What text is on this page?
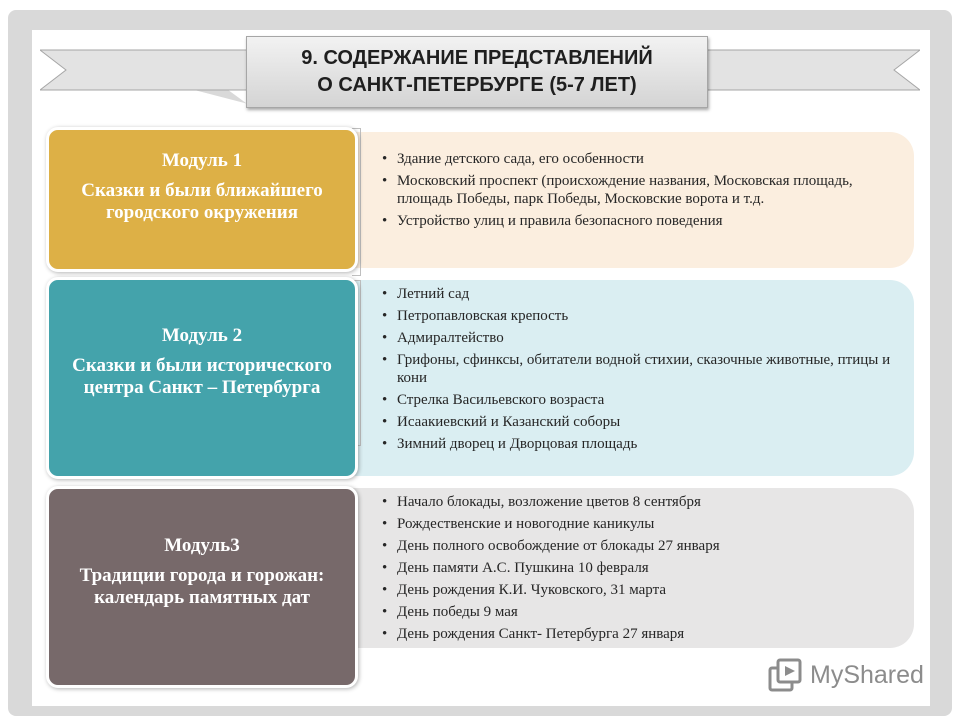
9. СОДЕРЖАНИЕ ПРЕДСТАВЛЕНИЙ
О САНКТ-ПЕТЕРБУРГЕ (5-7 ЛЕТ)
Модуль 1
Сказки и были ближайшего городского окружения
Модуль 2
Сказки и были исторического центра Санкт – Петербурга
Модуль3
Традиции города и горожан: календарь памятных дат
• Здание детского сада, его особенности
• Московский проспект (происхождение названия, Московская площадь, площадь Победы, парк Победы, Московские ворота и т.д.
• Устройство улиц и правила безопасного поведения
• Летний сад
• Петропавловская крепость
• Адмиралтейство
• Грифоны, сфинксы, обитатели водной стихии, сказочные животные, птицы и кони
• Стрелка Васильевского возраста
• Исаакиевский и Казанский соборы
• Зимний дворец и Дворцовая площадь
• Начало блокады, возложение цветов 8 сентября
• Рождественские и новогодние каникулы
• День полного освобождение от блокады 27 января
• День памяти А.С. Пушкина 10 февраля
• День рождения К.И. Чуковского, 31 марта
• День победы 9 мая
• День рождения Санкт- Петербурга 27 января
MyShared
